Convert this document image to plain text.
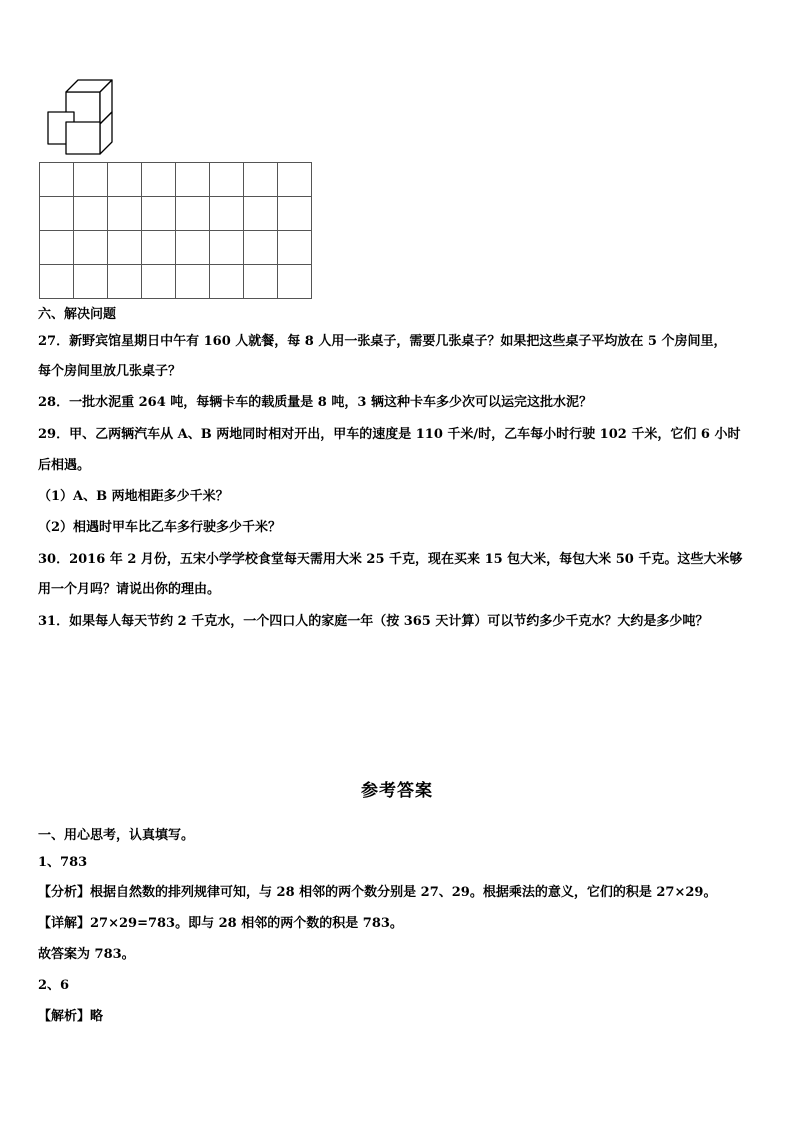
六、解决问题
27．新野宾馆星期日中午有 160 人就餐，每 8 人用一张桌子，需要几张桌子？如果把这些桌子平均放在 5 个房间里，
每个房间里放几张桌子？
28．一批水泥重 264 吨，每辆卡车的载质量是 8 吨，3 辆这种卡车多少次可以运完这批水泥？
29．甲、乙两辆汽车从 A、B 两地同时相对开出，甲车的速度是 110 千米/时，乙车每小时行驶 102 千米，它们 6 小时
后相遇。
（1）A、B 两地相距多少千米？
（2）相遇时甲车比乙车多行驶多少千米？
30．2016 年 2 月份，五宋小学学校食堂每天需用大米 25 千克，现在买来 15 包大米，每包大米 50 千克。这些大米够
用一个月吗？请说出你的理由。
31．如果每人每天节约 2 千克水，一个四口人的家庭一年（按 365 天计算）可以节约多少千克水？大约是多少吨？
参考答案
一、用心思考，认真填写。
1、783
【分析】根据自然数的排列规律可知，与 28 相邻的两个数分别是 27、29。根据乘法的意义，它们的积是 27×29。
【详解】27×29=783。即与 28 相邻的两个数的积是 783。
故答案为 783。
2、6
【解析】略
